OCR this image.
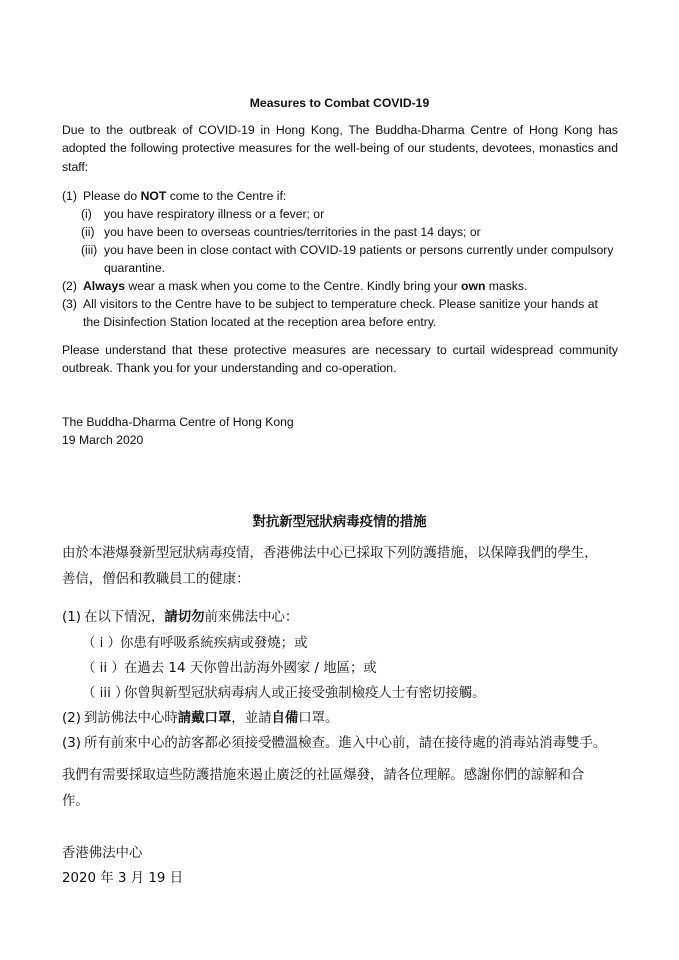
Measures to Combat COVID-19

Due to the outbreak of COVID-19 in Hong Kong, The Buddha-Dharma Centre of Hong Kong has adopted the following protective measures for the well-being of our students, devotees, monastics and staff:

(1) Please do NOT come to the Centre if:
(i) you have respiratory illness or a fever; or
(ii) you have been to overseas countries/territories in the past 14 days; or
(iii) you have been in close contact with COVID-19 patients or persons currently under compulsory
quarantine.
(2) Always wear a mask when you come to the Centre. Kindly bring your own masks.
(3) All visitors to the Centre have to be subject to temperature check. Please sanitize your hands at
the Disinfection Station located at the reception area before entry.

Please understand that these protective measures are necessary to curtail widespread community outbreak. Thank you for your understanding and co-operation.

The Buddha-Dharma Centre of Hong Kong
19 March 2020
對抗新型冠狀病毒疫情的措施
由於本港爆發新型冠狀病毒疫情，香港佛法中心已採取下列防護措施，以保障我們的學生，
善信，僧侶和教職員工的健康：
(1) 在以下情況，請切勿前來佛法中心：
（ i ）
你患有呼吸系統疾病或發燒；或
（ ii ） 在過去 14 天你曾出訪海外國家 / 地區；或
（ iii ）
你曾與新型冠狀病毒病人或正接受強制檢疫人士有密切接觸。
(2) 到訪佛法中心時請戴口罩，並請自備口罩。
(3) 所有前來中心的訪客都必須接受體溫檢查。進入中心前，請在接待處的消毒站消毒雙手。
我們有需要採取這些防護措施來遏止廣泛的社區爆發，請各位理解。感謝你們的諒解和合
作。
香港佛法中心
2020 年 3 月 19 日
